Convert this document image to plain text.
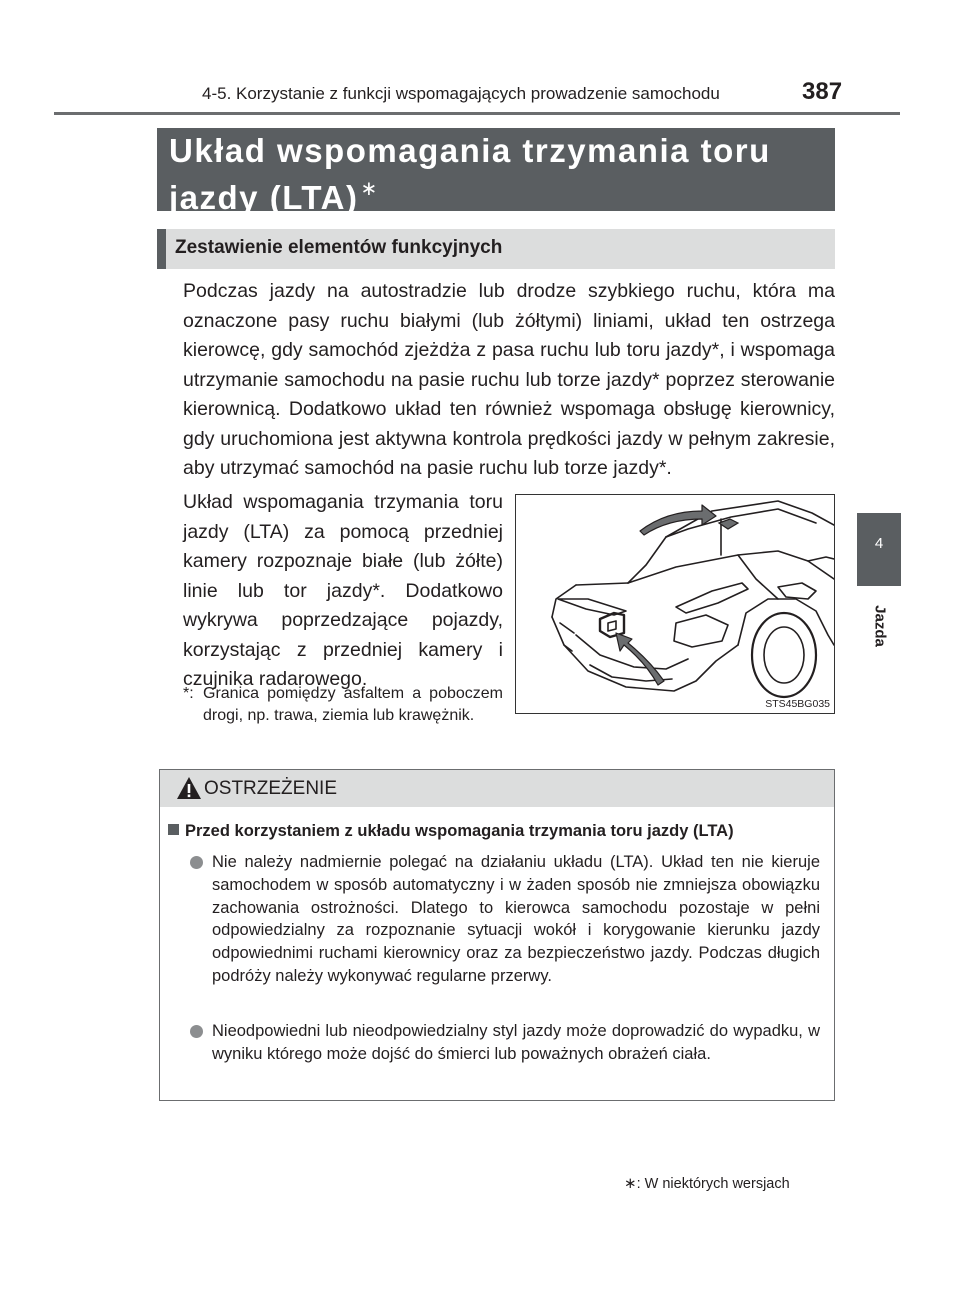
4-5. Korzystanie z funkcji wspomagających prowadzenie samochodu	387
Układ wspomagania trzymania toru
jazdy (LTA) ∗
Zestawienie elementów funkcyjnych
Podczas jazdy na autostradzie lub drodze szybkiego ruchu, która ma oznaczone pasy ruchu białymi (lub żółtymi) liniami, układ ten ostrzega kierowcę, gdy samochód zjeżdża z pasa ruchu lub toru jazdy*, i wspomaga utrzymanie samochodu na pasie ruchu lub torze jazdy* poprzez sterowanie kierownicą. Dodatkowo układ ten również wspomaga obsługę kierownicy, gdy uruchomiona jest aktywna kontrola prędkości jazdy w pełnym zakresie, aby utrzymać samochód na pasie ruchu lub torze jazdy*.
Układ wspomagania trzymania toru jazdy (LTA) za pomocą przedniej kamery rozpoznaje białe (lub żółte) linie lub tor jazdy*. Dodatkowo wykrywa poprzedzające pojazdy, korzystając z przedniej kamery i czujnika radarowego.
*: Granica pomiędzy asfaltem a poboczem drogi, np. trawa, ziemia lub krawężnik.
STS45BG035
4
Jazda
OSTRZEŻENIE
Przed korzystaniem z układu wspomagania trzymania toru jazdy (LTA)
Nie należy nadmiernie polegać na działaniu układu (LTA). Układ ten nie kieruje samochodem w sposób automatyczny i w żaden sposób nie zmniejsza obowiązku zachowania ostrożności. Dlatego to kierowca samochodu pozostaje w pełni odpowiedzialny za rozpoznanie sytuacji wokół i korygowanie kierunku jazdy odpowiednimi ruchami kierownicy oraz za bezpieczeństwo jazdy. Podczas długich podróży należy wykonywać regularne przerwy.
Nieodpowiedni lub nieodpowiedzialny styl jazdy może doprowadzić do wypadku, w wyniku którego może dojść do śmierci lub poważnych obrażeń ciała.
∗: W niektórych wersjach
